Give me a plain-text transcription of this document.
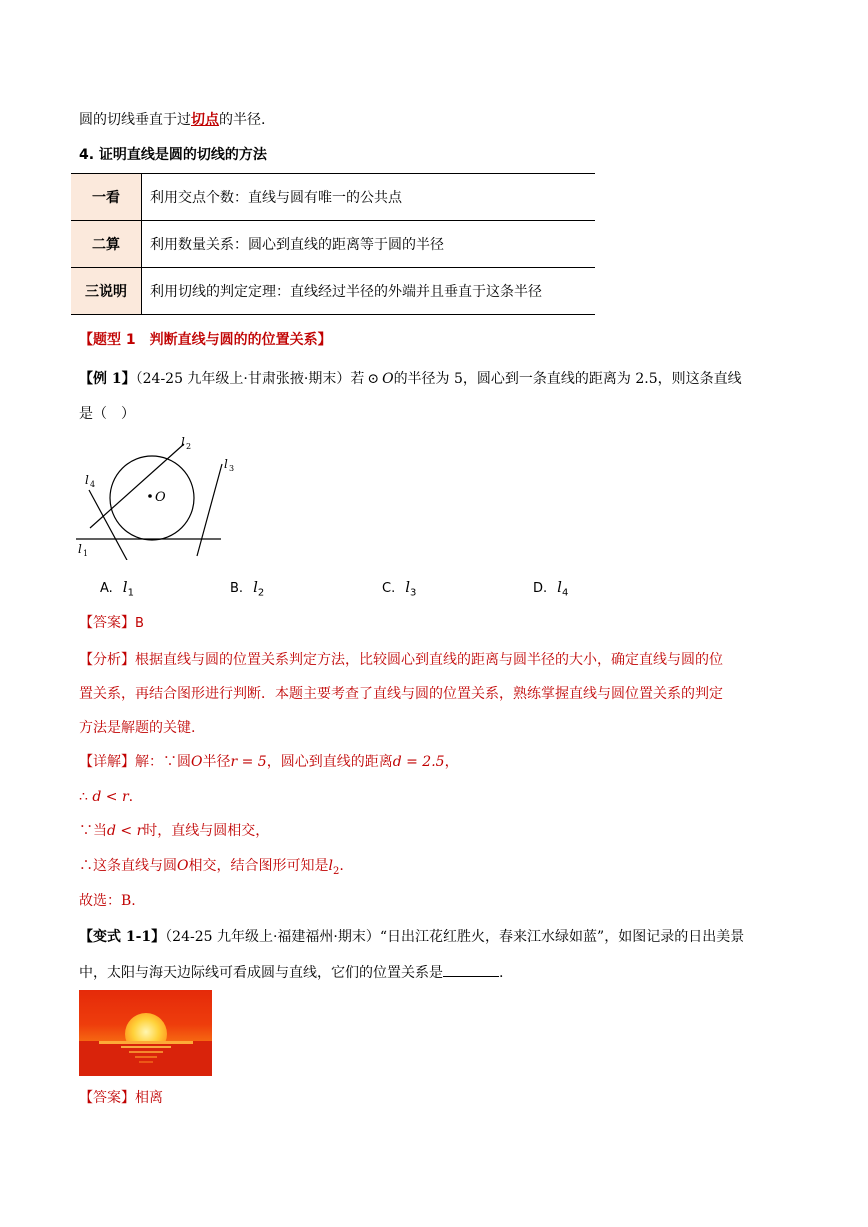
圆的切线垂直于过切点的半径.
4. 证明直线是圆的切线的方法
一看	利用交点个数：直线与圆有唯一的公共点
二算	利用数量关系：圆心到直线的距离等于圆的半径
三说明	利用切线的判定定理：直线经过半径的外端并且垂直于这条半径
【题型 1　判断直线与圆的的位置关系】
【例 1】（24-25 九年级上·甘肃张掖·期末）若 ⊙ O的半径为 5，圆心到一条直线的距离为 2.5，则这条直线
是（　）
O
l 2
l 3
l 4
l 1
A. $l_1$	B. $l_2$	C. $l_3$	D. $l_4$
【答案】B
【分析】根据直线与圆的位置关系判定方法，比较圆心到直线的距离与圆半径的大小，确定直线与圆的位
置关系，再结合图形进行判断．本题主要考查了直线与圆的位置关系，熟练掌握直线与圆位置关系的判定
方法是解题的关键.
【详解】解：∵圆O半径r = 5，圆心到直线的距离d = 2.5，
∴ d < r.
∵当d < r时，直线与圆相交，
∴这条直线与圆O相交，结合图形可知是$l_2$.
故选：B.
【变式 1-1】（24-25 九年级上·福建福州·期末）“日出江花红胜火，春来江水绿如蓝”，如图记录的日出美景
中，太阳与海天边际线可看成圆与直线，它们的位置关系是	.
【答案】相离
